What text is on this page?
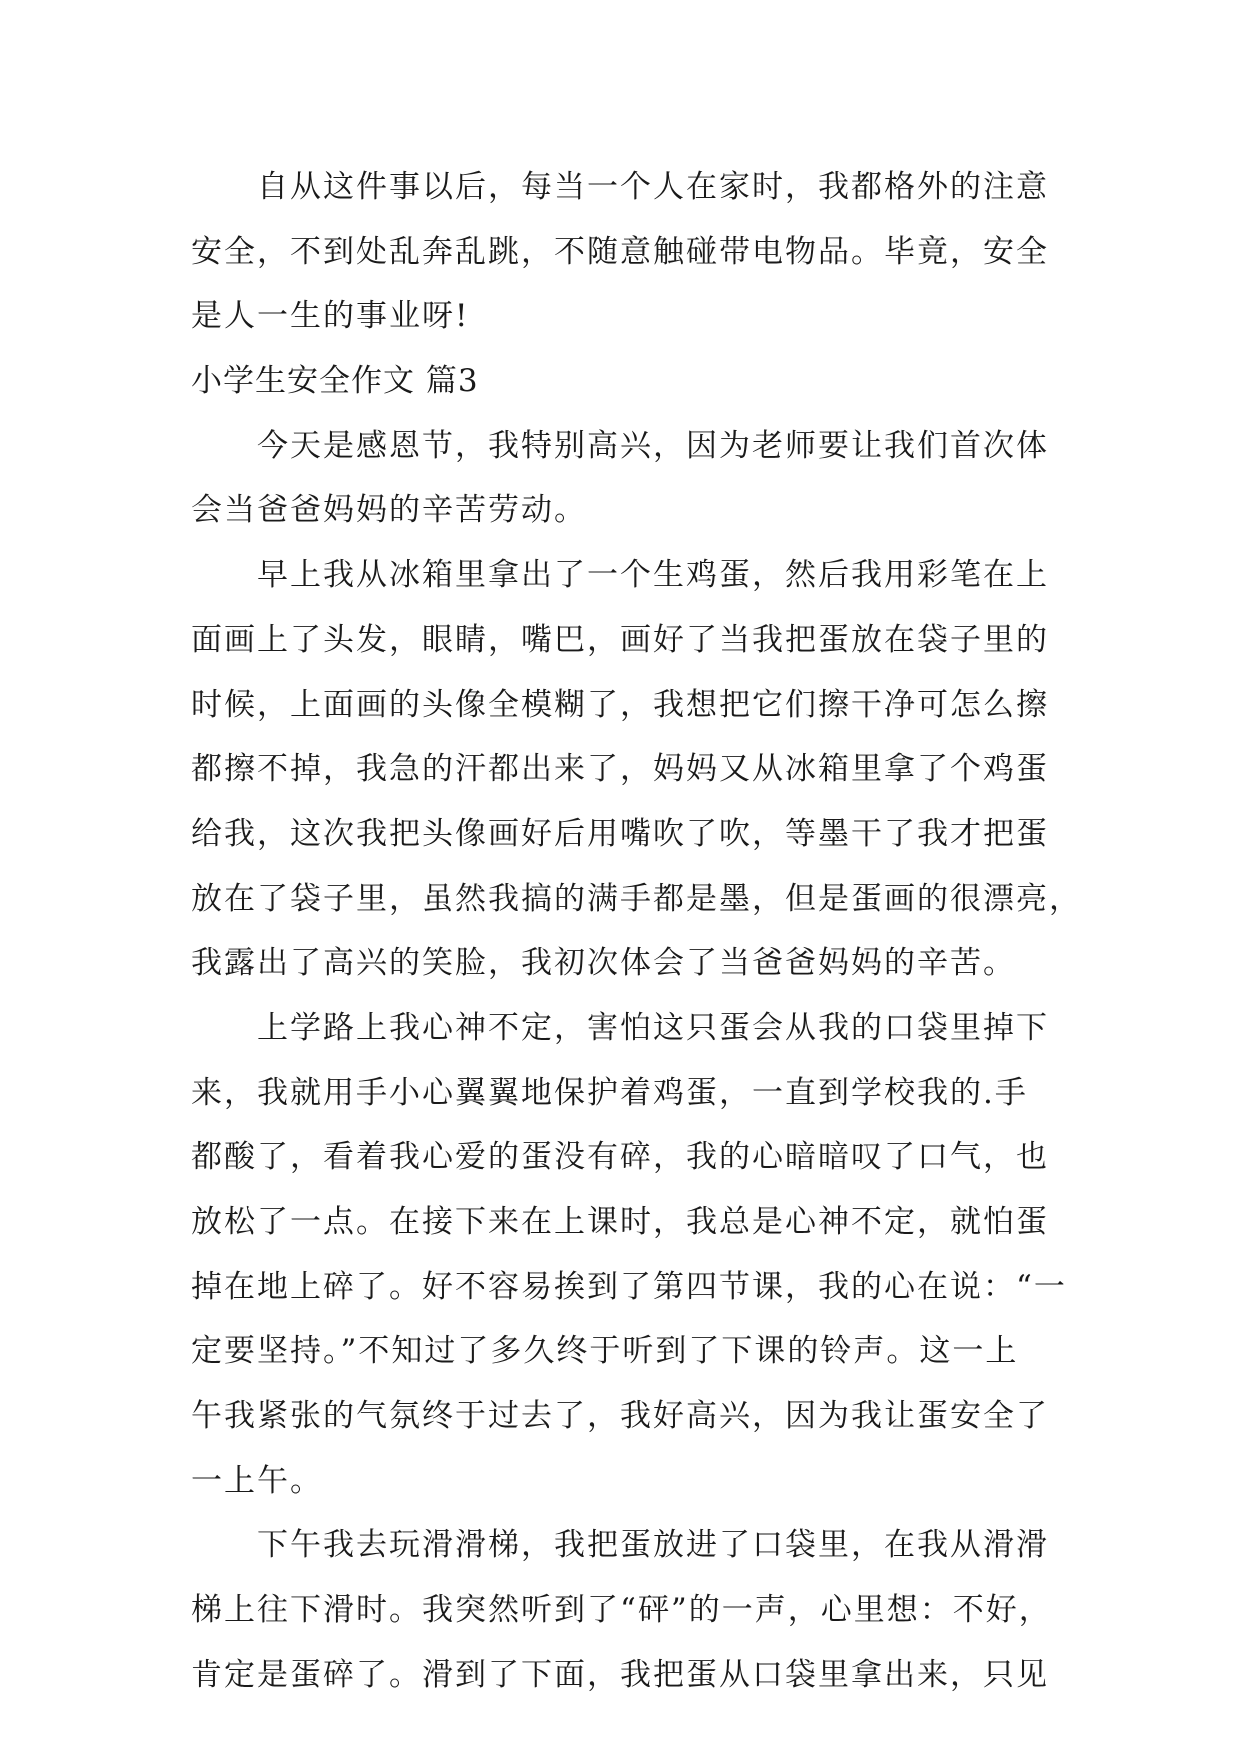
　　自从这件事以后，每当一个人在家时，我都格外的注意
安全，不到处乱奔乱跳，不随意触碰带电物品。毕竟，安全
是人一生的事业呀!
小学生安全作文 篇3
　　今天是感恩节，我特别高兴，因为老师要让我们首次体
会当爸爸妈妈的辛苦劳动。
　　早上我从冰箱里拿出了一个生鸡蛋，然后我用彩笔在上
面画上了头发，眼睛，嘴巴，画好了当我把蛋放在袋子里的
时候，上面画的头像全模糊了，我想把它们擦干净可怎么擦
都擦不掉，我急的汗都出来了，妈妈又从冰箱里拿了个鸡蛋
给我，这次我把头像画好后用嘴吹了吹，等墨干了我才把蛋
放在了袋子里，虽然我搞的满手都是墨，但是蛋画的很漂亮，
我露出了高兴的笑脸，我初次体会了当爸爸妈妈的辛苦。
　　上学路上我心神不定，害怕这只蛋会从我的口袋里掉下
来，我就用手小心翼翼地保护着鸡蛋，一直到学校我的.手
都酸了，看着我心爱的蛋没有碎，我的心暗暗叹了口气，也
放松了一点。在接下来在上课时，我总是心神不定，就怕蛋
掉在地上碎了。好不容易挨到了第四节课，我的心在说：“一
定要坚持。”不知过了多久终于听到了下课的铃声。这一上
午我紧张的气氛终于过去了，我好高兴，因为我让蛋安全了
一上午。
　　下午我去玩滑滑梯，我把蛋放进了口袋里，在我从滑滑
梯上往下滑时。我突然听到了“砰”的一声，心里想：不好，
肯定是蛋碎了。滑到了下面，我把蛋从口袋里拿出来，只见
